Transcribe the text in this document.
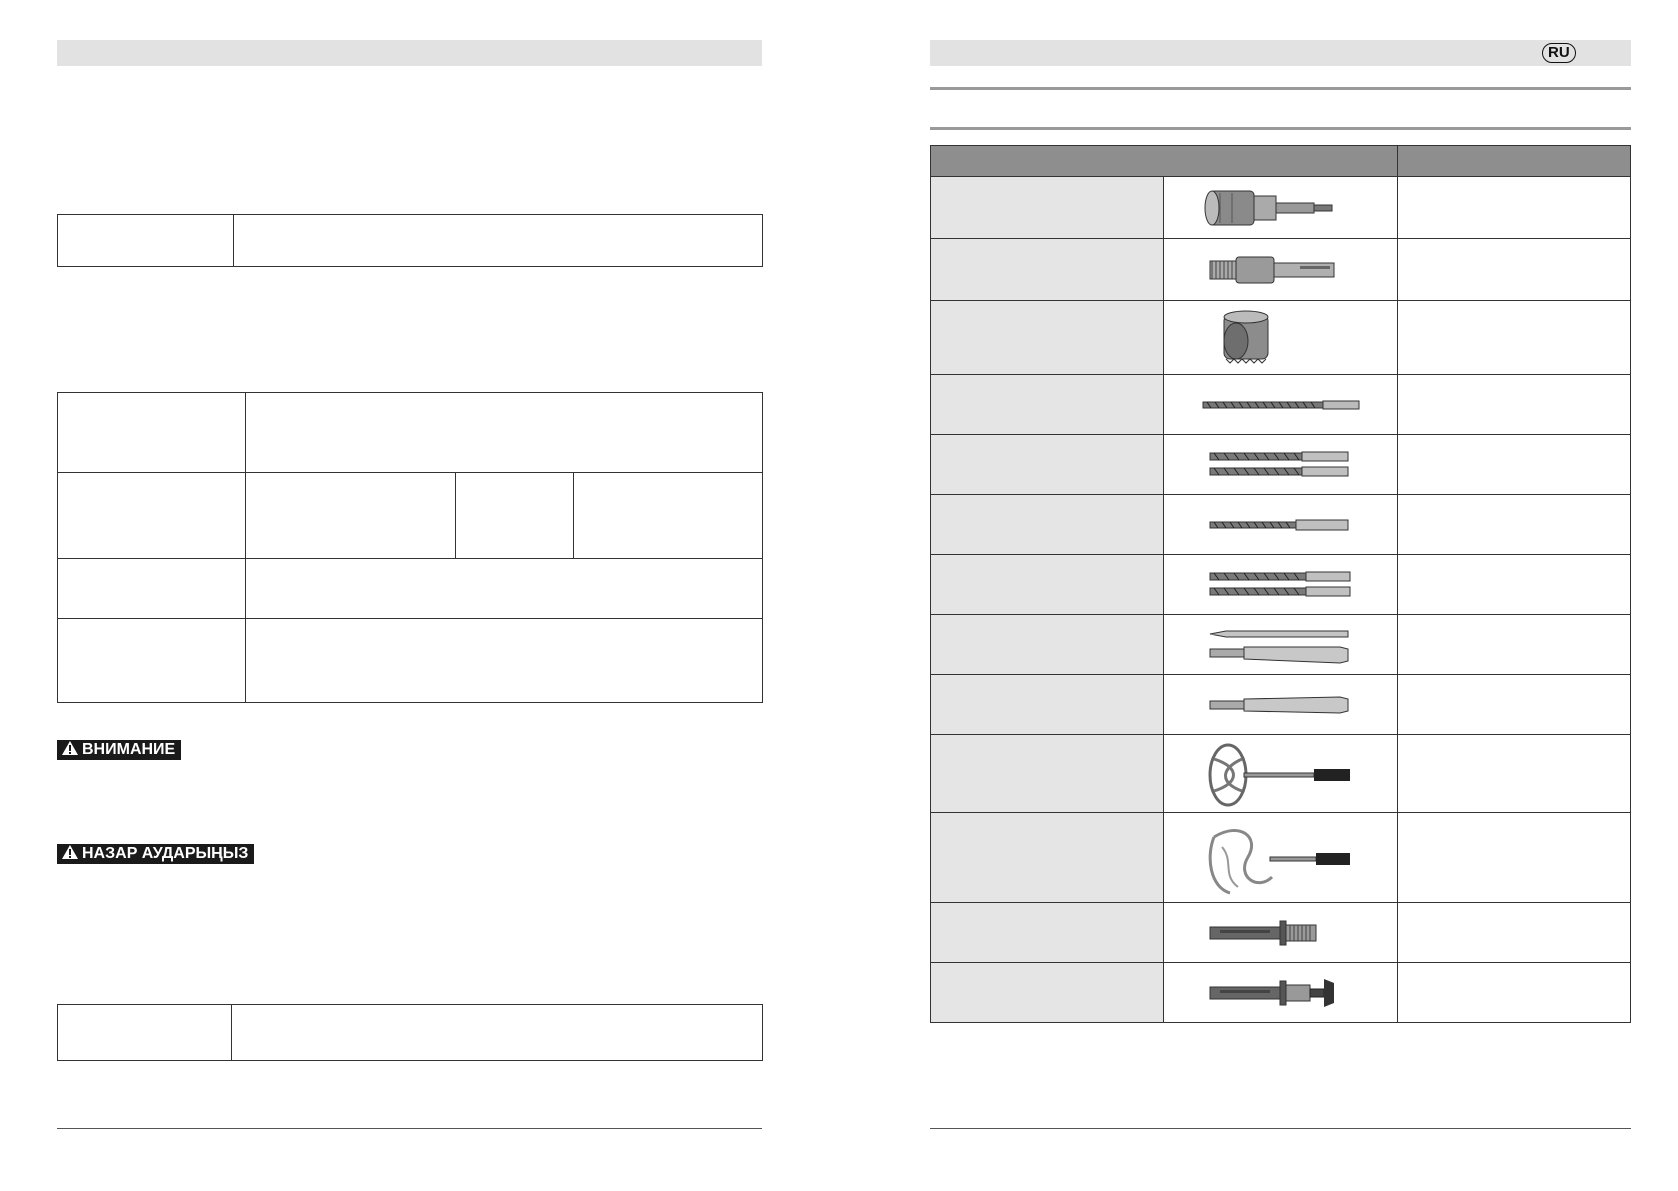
ВНИМАНИЕ
НАЗАР АУДАРЫҢЫЗ

RU
